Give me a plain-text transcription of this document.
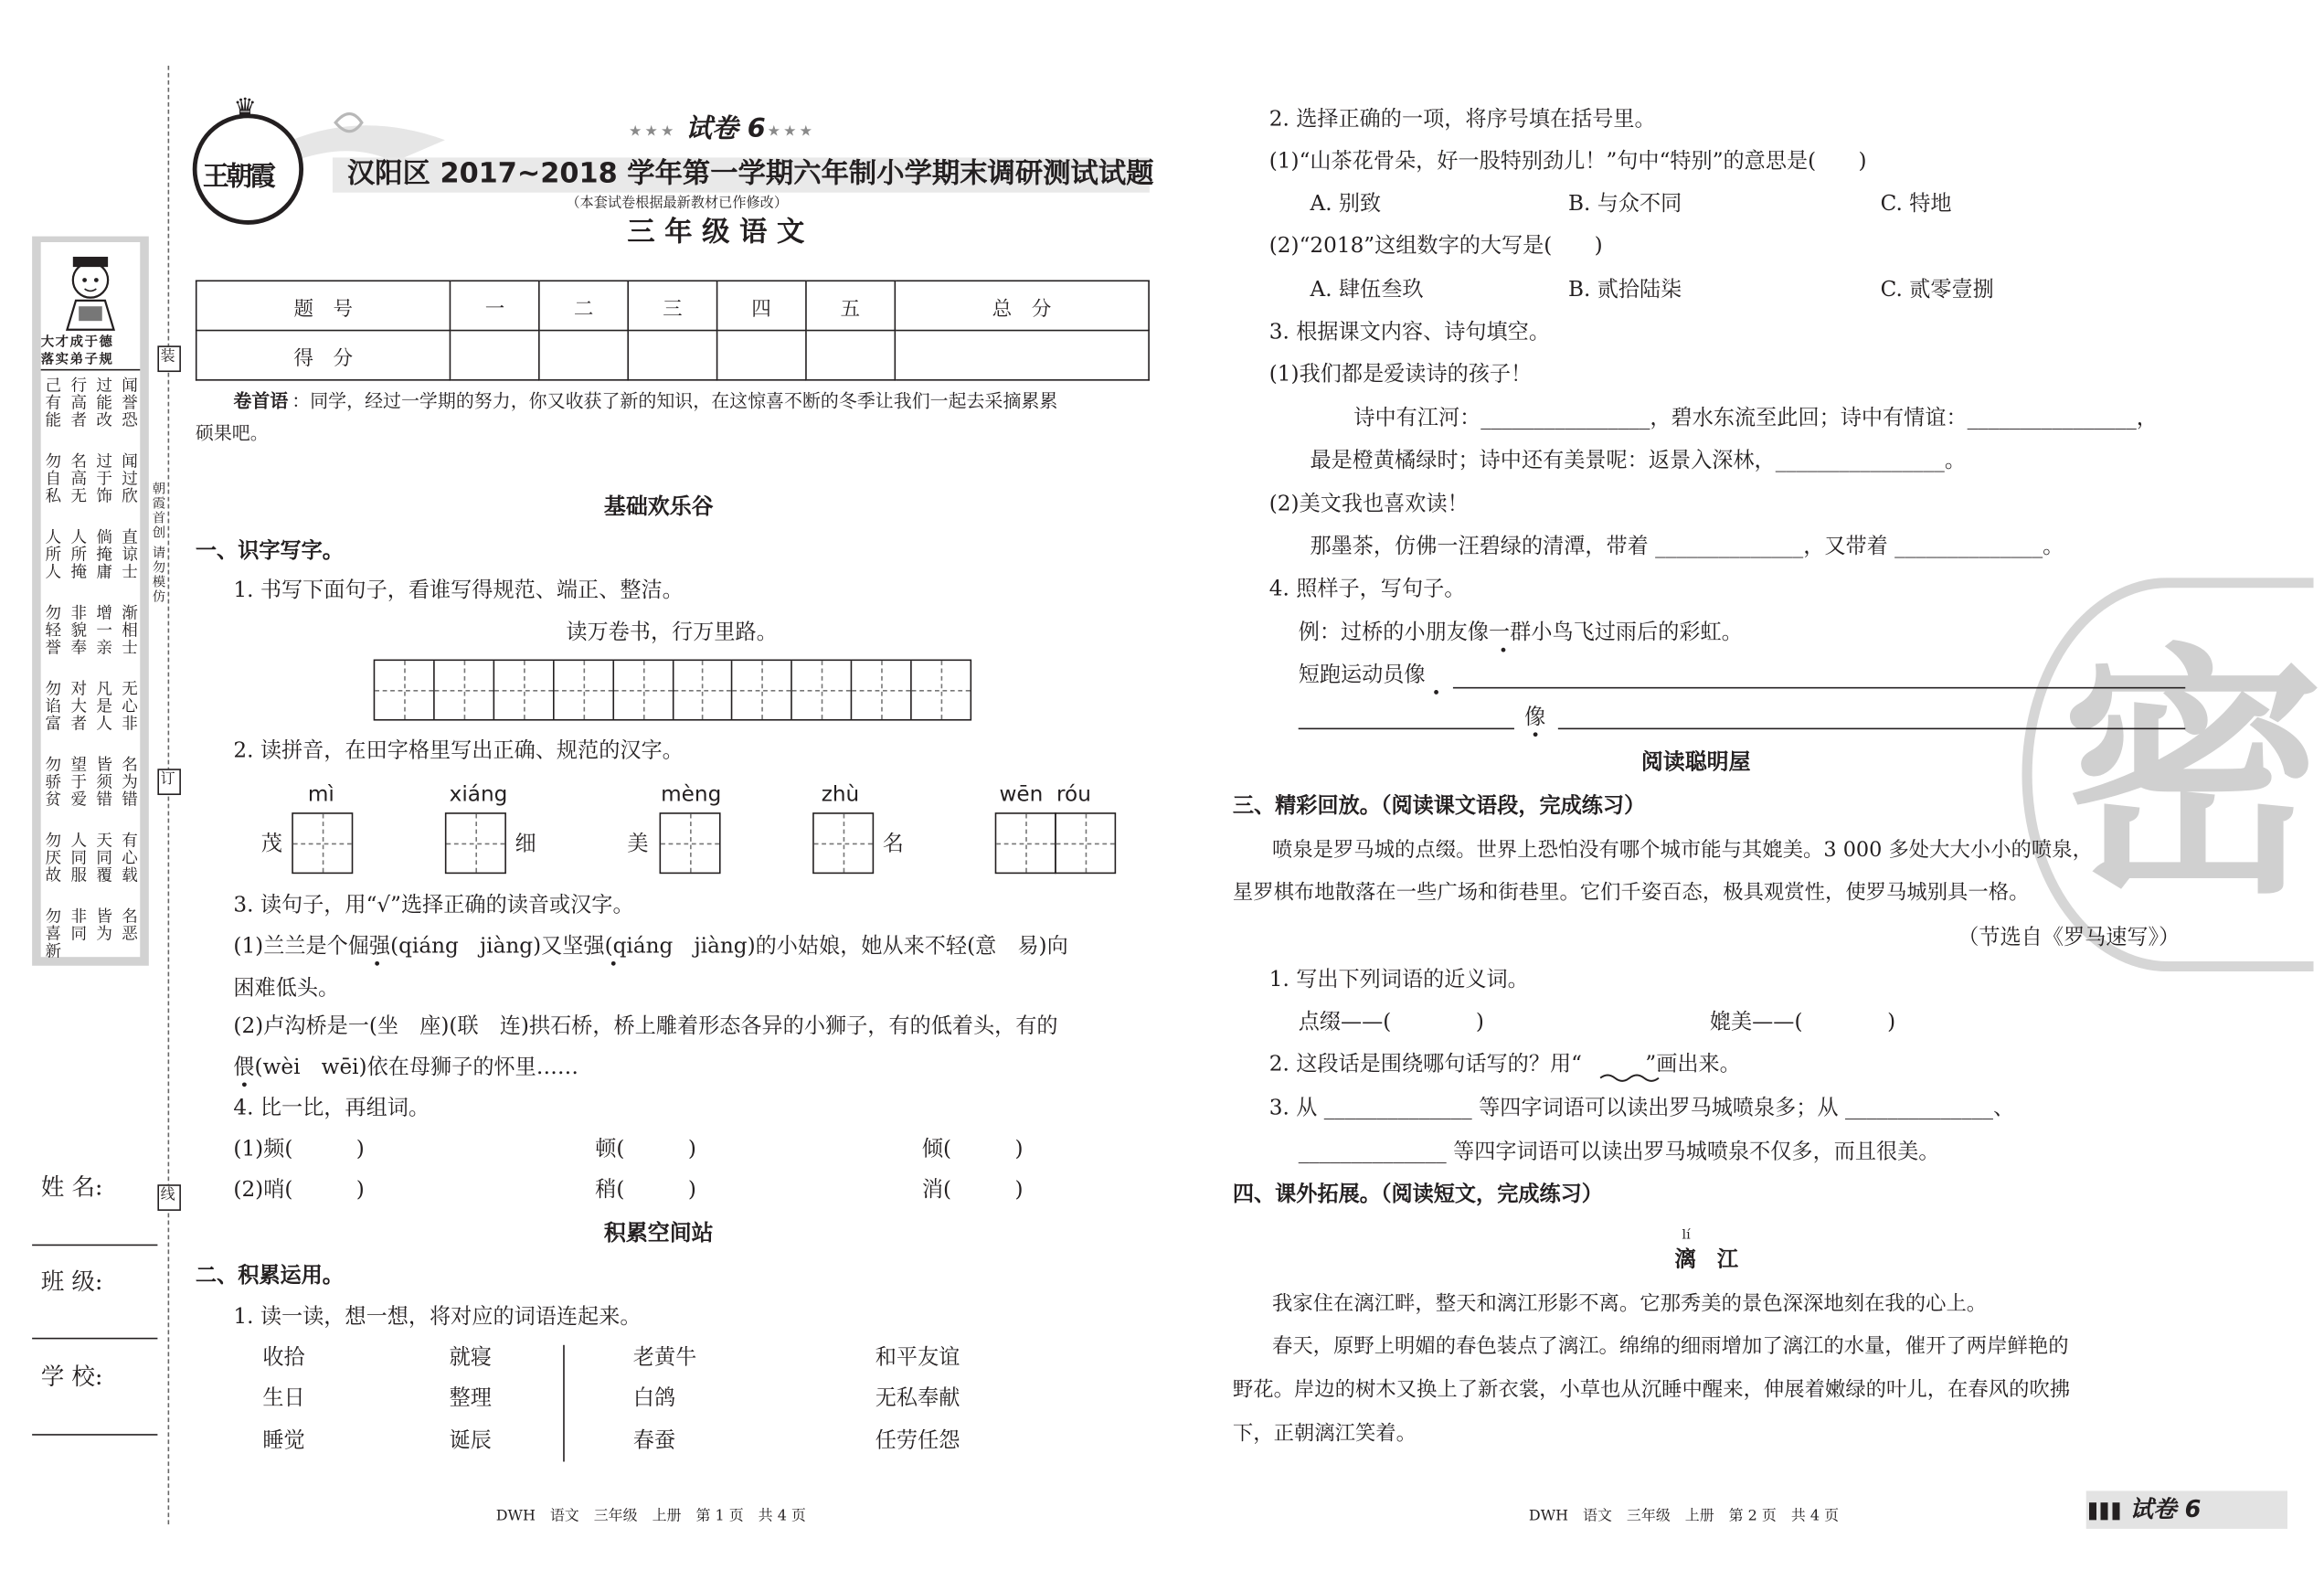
大才成于德
落实弟子规
己有能 行高者 过能改 闻誉恐
勿自私 名高无 过于饰 闻过欣
人所人 人所掩 倘掩庸 直谅士
勿轻誉 非貌奉 增一亲 渐相士
勿谄富 对大者 凡是人 无心非
勿骄贫 望于爱 皆须错 名为错
勿厌故 人同服 天同覆 有心载
勿喜新 非同 皆为 名恶
装
订
线
朝霞首创 请勿模仿
姓 名:
班 级:
学 校:
王朝霞
♛
★★★ 试卷 6 ★★★
汉阳区 2017~2018 学年第一学期六年制小学期末调研测试试题
（本套试卷根据最新教材已作修改）
三 年 级 语 文
题　号	一	二	三	四	五	总　分
得　分						
卷首语 ：同学，经过一学期的努力，你又收获了新的知识，在这惊喜不断的冬季让我们一起去采摘累累
硕果吧。
基础欢乐谷
一、识字写字。
1. 书写下面句子，看谁写得规范、端正、整洁。
读万卷书，行万里路。
2. 读拼音，在田字格里写出正确、规范的汉字。
mì	xiáng	mèng	zhù	wēn  róu
茂	细	美	名
3. 读句子，用“√”选择正确的读音或汉字。
(1)兰兰是个倔强(qiáng　jiàng)又坚强(qiáng　jiàng)的小姑娘，她从来不轻(意　易)向
困难低头。
(2)卢沟桥是一(坐　座)(联　连)拱石桥，桥上雕着形态各异的小狮子，有的低着头，有的
偎(wèi　wēi)依在母狮子的怀里……
4. 比一比，再组词。
(1)频(　　　)	顿(　　　)	倾(　　　)
(2)哨(　　　)	稍(　　　)	消(　　　)
积累空间站
二、积累运用。
1. 读一读，想一想，将对应的词语连起来。
收拾	就寝	老黄牛	和平友谊
生日	整理	白鸽	无私奉献
睡觉	诞辰	春蚕	任劳任怨
DWH　语文　三年级　上册　第 1 页　共 4 页
密
2. 选择正确的一项，将序号填在括号里。
(1)“山茶花骨朵，好一股特别劲儿！”句中“特别”的意思是(　　)
A. 别致	B. 与众不同	C. 特地
(2)“2018”这组数字的大写是(　　)
A. 肆伍叁玖	B. 贰拾陆柒	C. 贰零壹捌
3. 根据课文内容、诗句填空。
(1)我们都是爱读诗的孩子！
诗中有江河：________________，碧水东流至此回；诗中有情谊：________________，
最是橙黄橘绿时；诗中还有美景呢：返景入深林，________________。
(2)美文我也喜欢读！
那墨茶，仿佛一汪碧绿的清潭，带着 ______________，又带着 ______________。
4. 照样子，写句子。
例：过桥的小朋友像一群小鸟飞过雨后的彩虹。
短跑运动员像
像
阅读聪明屋
三、精彩回放。（阅读课文语段，完成练习）
喷泉是罗马城的点缀。世界上恐怕没有哪个城市能与其媲美。3 000 多处大大小小的喷泉，
星罗棋布地散落在一些广场和街巷里。它们千姿百态，极具观赏性，使罗马城别具一格。
（节选自《罗马速写》）
1. 写出下列词语的近义词。
点缀——(　　　　)	媲美——(　　　　)
2. 这段话是围绕哪句话写的？用“　　　”画出来。
3. 从 ______________ 等四字词语可以读出罗马城喷泉多；从 ______________、
______________ 等四字词语可以读出罗马城喷泉不仅多，而且很美。
四、课外拓展。（阅读短文，完成练习）
lí
漓　江
我家住在漓江畔，整天和漓江形影不离。它那秀美的景色深深地刻在我的心上。
春天，原野上明媚的春色装点了漓江。绵绵的细雨增加了漓江的水量，催开了两岸鲜艳的
野花。岸边的树木又换上了新衣裳，小草也从沉睡中醒来，伸展着嫩绿的叶儿，在春风的吹拂
下，正朝漓江笑着。
DWH　语文　三年级　上册　第 2 页　共 4 页	试卷 6
